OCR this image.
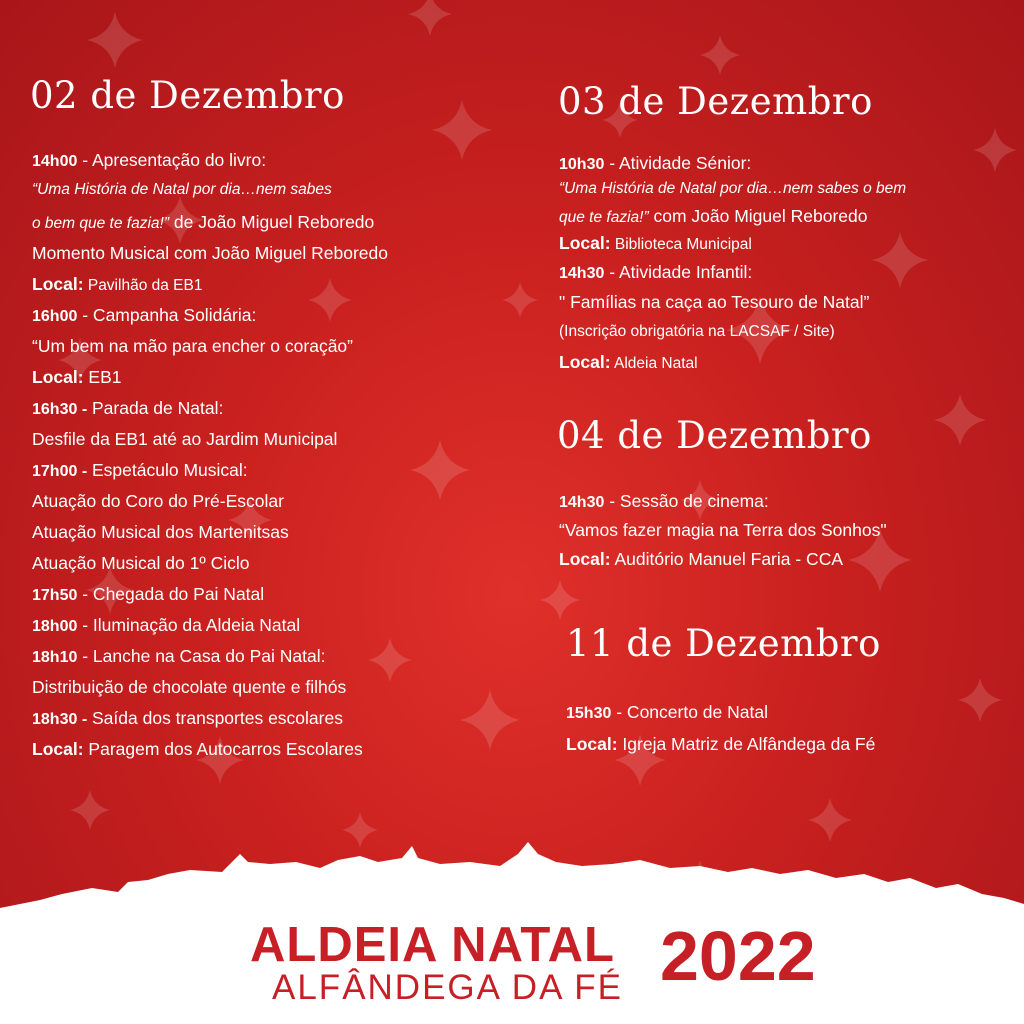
02 de Dezembro
14h00 - Apresentação do livro:
“Uma História de Natal por dia…nem sabes
o bem que te fazia!” de João Miguel Reboredo
Momento Musical com João Miguel Reboredo
Local: Pavilhão da EB1
16h00 - Campanha Solidária:
“Um bem na mão para encher o coração”
Local: EB1
16h30 - Parada de Natal:
Desfile da EB1 até ao Jardim Municipal
17h00 - Espetáculo Musical:
Atuação do Coro do Pré-Escolar
Atuação Musical dos Martenitsas
Atuação Musical do 1º Ciclo
17h50 - Chegada do Pai Natal
18h00 - Iluminação da Aldeia Natal
18h10 - Lanche na Casa do Pai Natal:
Distribuição de chocolate quente e filhós
18h30 - Saída dos transportes escolares
Local: Paragem dos Autocarros Escolares
03 de Dezembro
10h30 - Atividade Sénior:
“Uma História de Natal por dia…nem sabes o bem
que te fazia!” com João Miguel Reboredo
Local: Biblioteca Municipal
14h30 - Atividade Infantil:
" Famílias na caça ao Tesouro de Natal”
(Inscrição obrigatória na LACSAF / Site)
Local: Aldeia Natal
04 de Dezembro
14h30 - Sessão de cinema:
“Vamos fazer magia na Terra dos Sonhos"
Local: Auditório Manuel Faria - CCA
11 de Dezembro
15h30 - Concerto de Natal
Local: Igreja Matriz de Alfândega da Fé
ALDEIA NATAL
ALFÂNDEGA DA FÉ 2022
